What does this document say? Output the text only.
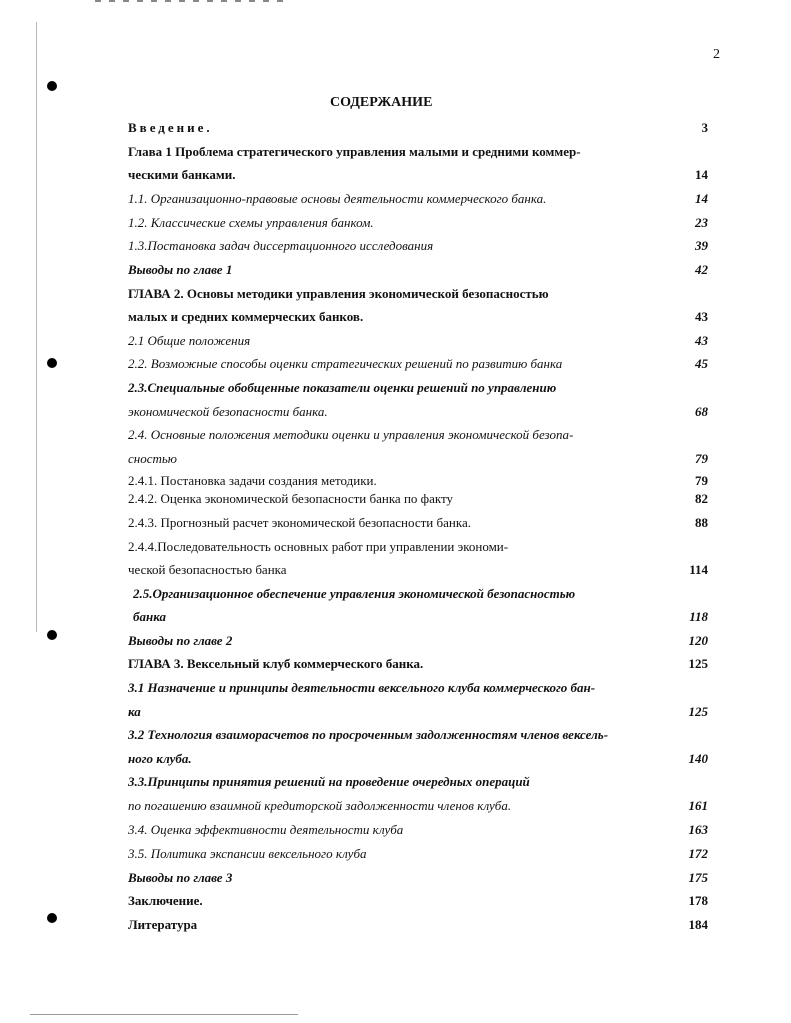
2
СОДЕРЖАНИЕ
Введение.	3
Глава 1 Проблема стратегического управления малыми и средними коммер-
ческими банками.	14
1.1. Организационно-правовые основы деятельности коммерческого банка.	14
1.2. Классические схемы управления банком.	23
1.3.Постановка задач диссертационного исследования	39
Выводы по главе 1	42
ГЛАВА 2. Основы методики управления экономической безопасностью
малых и средних коммерческих банков.	43
2.1 Общие положения	43
2.2. Возможные способы оценки стратегических решений по развитию банка	45
2.3.Специальные обобщенные показатели оценки решений по управлению
экономической безопасности банка.	68
2.4. Основные положения методики оценки и управления экономической безопа-
сностью	79
2.4.1. Постановка задачи создания методики.	79
2.4.2. Оценка экономической безопасности банка по факту	82
2.4.3. Прогнозный расчет экономической безопасности банка.	88
2.4.4.Последовательность основных работ при управлении экономи-
ческой безопасностью банка	114
2.5.Организационное обеспечение управления экономической безопасностью
банка	118
Выводы по главе 2	120
ГЛАВА 3. Вексельный клуб коммерческого банка.	125
3.1 Назначение и принципы деятельности вексельного клуба коммерческого бан-
ка	125
3.2 Технология взаиморасчетов по просроченным задолженностям членов вексель-
ного клуба.	140
3.3.Принципы принятия решений на проведение очередных операций
по погашению взаимной кредиторской задолженности членов клуба.	161
3.4. Оценка эффективности деятельности клуба	163
3.5. Политика экспансии вексельного клуба	172
Выводы по главе 3	175
Заключение.	178
Литература	184
